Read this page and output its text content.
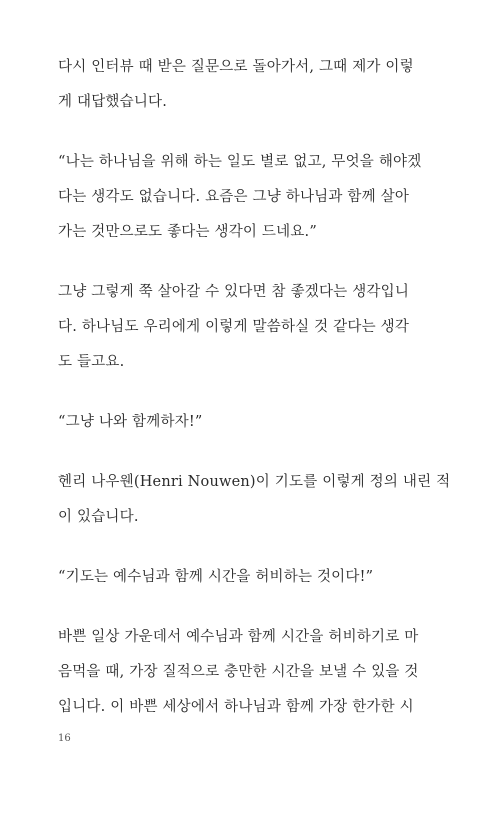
다시 인터뷰 때 받은 질문으로 돌아가서, 그때 제가 이렇
게 대답했습니다.
“나는 하나님을 위해 하는 일도 별로 없고, 무엇을 해야겠
다는 생각도 없습니다. 요즘은 그냥 하나님과 함께 살아
가는 것만으로도 좋다는 생각이 드네요.”
그냥 그렇게 쭉 살아갈 수 있다면 참 좋겠다는 생각입니
다. 하나님도 우리에게 이렇게 말씀하실 것 같다는 생각
도 들고요.
“그냥 나와 함께하자!”
헨리 나우웬(Henri Nouwen)이 기도를 이렇게 정의 내린 적
이 있습니다.
“기도는 예수님과 함께 시간을 허비하는 것이다!”
바쁜 일상 가운데서 예수님과 함께 시간을 허비하기로 마
음먹을 때, 가장 질적으로 충만한 시간을 보낼 수 있을 것
입니다. 이 바쁜 세상에서 하나님과 함께 가장 한가한 시
16
